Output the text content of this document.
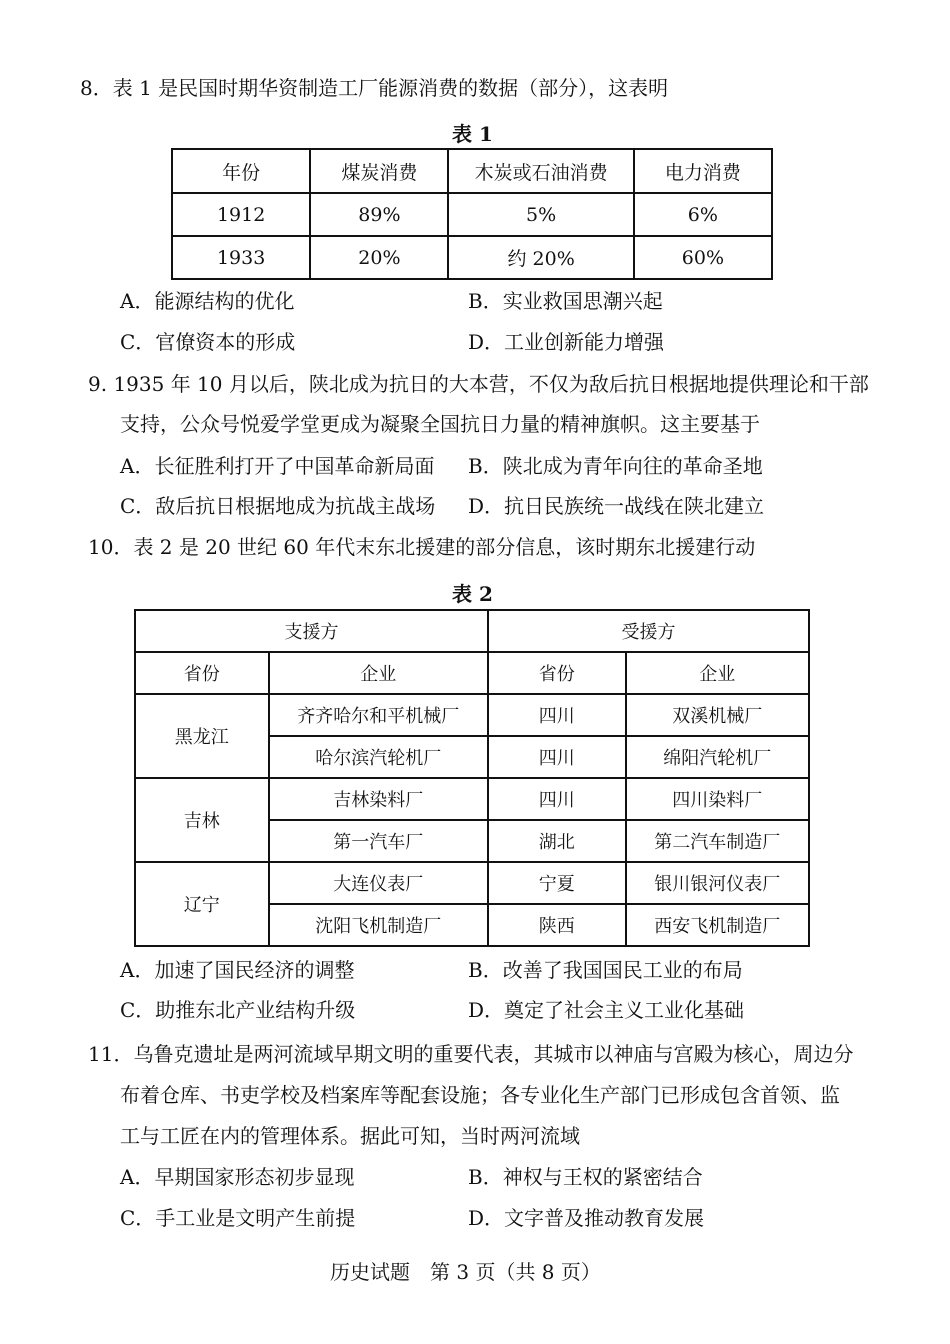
8．表 1 是民国时期华资制造工厂能源消费的数据（部分），这表明
表 1
年份	煤炭消费	木炭或石油消费	电力消费
1912	89%	5%	6%
1933	20%	约 20%	60%
A．能源结构的优化	B．实业救国思潮兴起
C．官僚资本的形成	D．工业创新能力增强
9. 1935 年 10 月以后，陕北成为抗日的大本营，不仅为敌后抗日根据地提供理论和干部
支持，公众号悦爱学堂更成为凝聚全国抗日力量的精神旗帜。这主要基于
A．长征胜利打开了中国革命新局面 B．陕北成为青年向往的革命圣地
C．敌后抗日根据地成为抗战主战场 D．抗日民族统一战线在陕北建立
10．表 2 是 20 世纪 60 年代末东北援建的部分信息，该时期东北援建行动
表 2
支援方		受援方	
省份	企业	省份	企业
黑龙江	齐齐哈尔和平机械厂	四川	双溪机械厂
	哈尔滨汽轮机厂	四川	绵阳汽轮机厂
吉林	吉林染料厂	四川	四川染料厂
	第一汽车厂	湖北	第二汽车制造厂
辽宁	大连仪表厂	宁夏	银川银河仪表厂
	沈阳飞机制造厂	陕西	西安飞机制造厂
A．加速了国民经济的调整	B．改善了我国国民工业的布局
C．助推东北产业结构升级	D．奠定了社会主义工业化基础
11．乌鲁克遗址是两河流域早期文明的重要代表，其城市以神庙与宫殿为核心，周边分
布着仓库、书吏学校及档案库等配套设施；各专业化生产部门已形成包含首领、监
工与工匠在内的管理体系。据此可知，当时两河流域
A．早期国家形态初步显现	B．神权与王权的紧密结合
C．手工业是文明产生前提	D．文字普及推动教育发展
历史试题　第 3 页（共 8 页）
